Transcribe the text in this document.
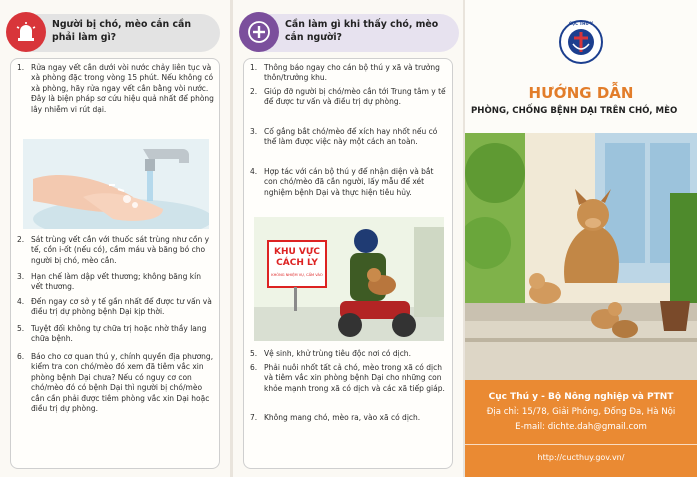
Người bị chó, mèo cắn cần phải làm gì?
1. Rửa ngay vết cắn dưới vòi nước chảy liên tục và xà phòng đặc trong vòng 15 phút. Nếu không có xà phòng, hãy rửa ngay vết cắn bằng vòi nước. Đây là biện pháp sơ cứu hiệu quả nhất để phòng lây nhiễm vi rút dại.
2. Sát trùng vết cắn với thuốc sát trùng như cồn y tế, cồn i-ốt (nếu có), cầm máu và băng bó cho người bị chó, mèo cắn.
3. Hạn chế làm dập vết thương; không băng kín vết thương.
4. Đến ngay cơ sở y tế gần nhất để được tư vấn và điều trị dự phòng bệnh Dại kịp thời.
5. Tuyệt đối không tự chữa trị hoặc nhờ thầy lang chữa bệnh.
6. Báo cho cơ quan thú y, chính quyền địa phương, kiểm tra con chó/mèo đó xem đã tiêm vắc xin phòng bệnh Dại chưa? Nếu có nguy cơ con chó/mèo đó có bệnh Dại thì người bị chó/mèo cắn cần phải được tiêm phòng vắc xin Dại hoặc điều trị dự phòng.
Cần làm gì khi thấy chó, mèo cắn người?
1. Thông báo ngay cho cán bộ thú y xã và trưởng thôn/trưởng khu.
2. Giúp đỡ người bị chó/mèo cắn tới Trung tâm y tế để được tư vấn và điều trị dự phòng.
3. Cố gắng bắt chó/mèo để xích hay nhốt nếu có thể làm được việc này một cách an toàn.
4. Hợp tác với cán bộ thú y để nhận diện và bắt con chó/mèo đã cắn người, lấy mẫu để xét nghiệm bệnh Dại và thực hiện tiêu hủy.
KHU VỰC
CÁCH LY
KHÔNG NHIỆM VỤ, CẤM VÀO
5. Vệ sinh, khử trùng tiêu độc nơi có dịch.
6. Phải nuôi nhốt tất cả chó, mèo trong xã có dịch và tiêm vắc xin phòng bệnh Dại cho những con khỏe mạnh trong xã có dịch và các xã tiếp giáp.
7. Không mang chó, mèo ra, vào xã có dịch.
CỤC THÚ Y
HƯỚNG DẪN
PHÒNG, CHỐNG BỆNH DẠI TRÊN CHÓ, MÈO
Cục Thú y - Bộ Nông nghiệp và PTNT
Địa chỉ: 15/78, Giải Phóng, Đống Đa, Hà Nội
E-mail: dichte.dah@gmail.com
http://cucthuy.gov.vn/
